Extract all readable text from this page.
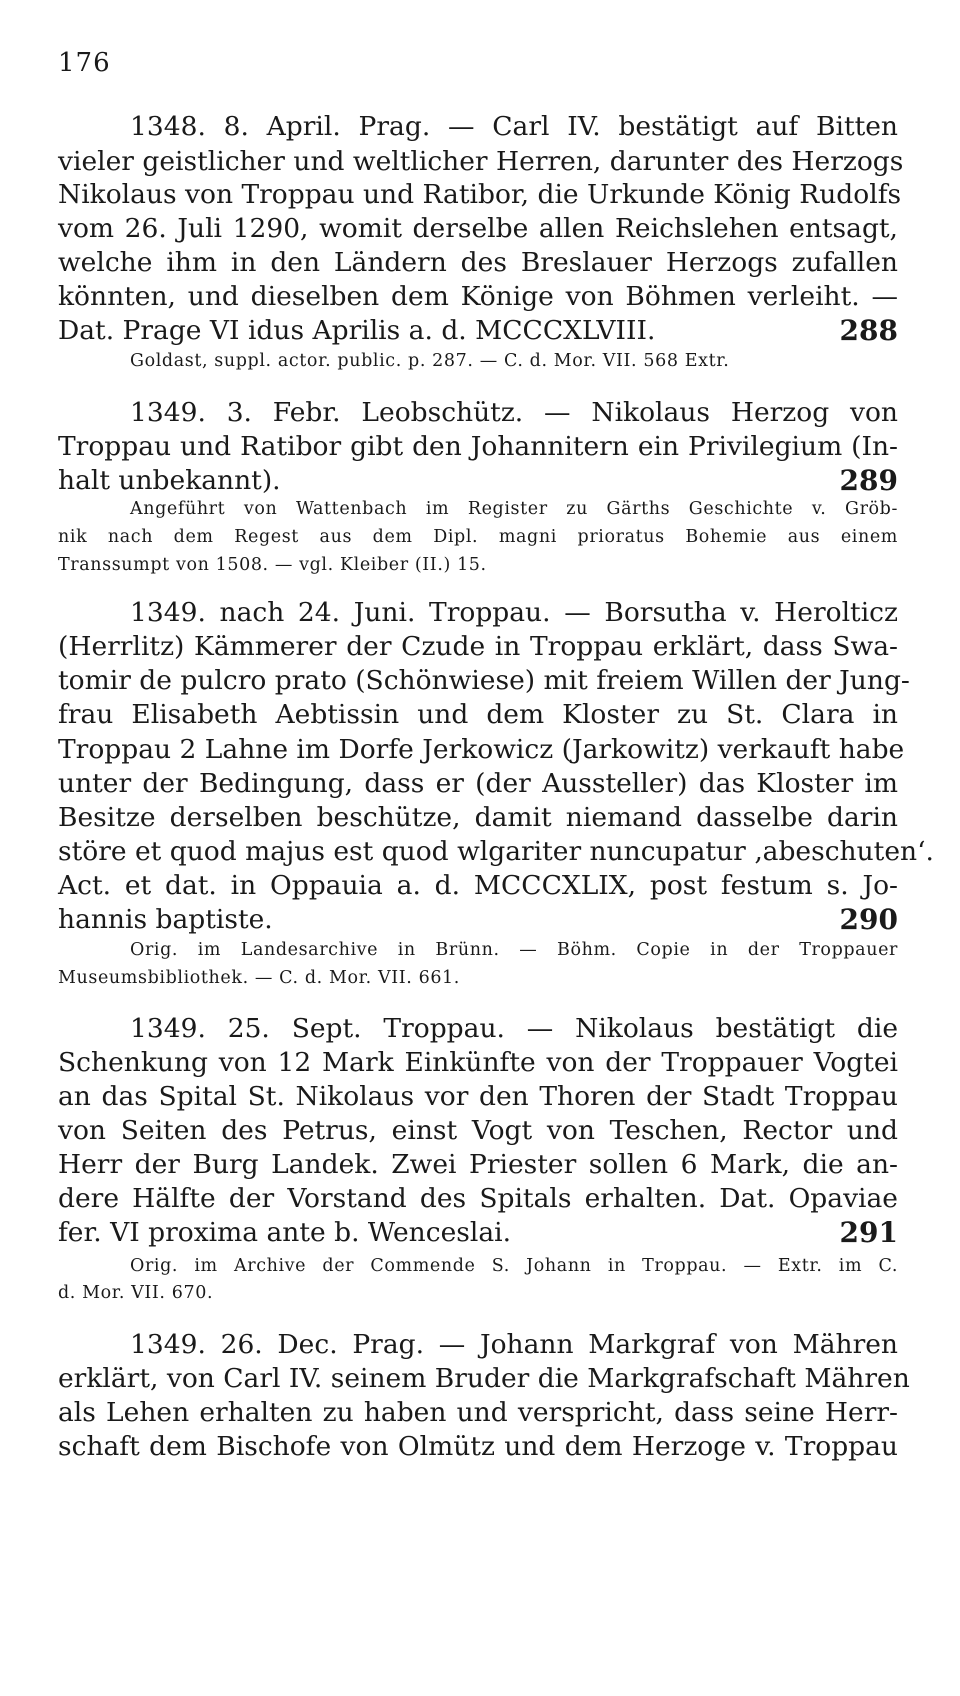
176
1348. 8. April. Prag. — Carl IV. bestätigt auf Bitten
vieler geistlicher und weltlicher Herren, darunter des Herzogs
Nikolaus von Troppau und Ratibor, die Urkunde König Rudolfs
vom 26. Juli 1290, womit derselbe allen Reichslehen entsagt,
welche ihm in den Ländern des Breslauer Herzogs zufallen
könnten, und dieselben dem Könige von Böhmen verleiht. —
Dat. Prage VI idus Aprilis a. d. MCCCXLVIII.	288
Goldast, suppl. actor. public. p. 287. — C. d. Mor. VII. 568 Extr.
1349. 3. Febr. Leobschütz. — Nikolaus Herzog von
Troppau und Ratibor gibt den Johannitern ein Privilegium (In-
halt unbekannt).	289
Angeführt von Wattenbach im Register zu Gärths Geschichte v. Gröb-
nik nach dem Regest aus dem Dipl. magni prioratus Bohemie aus einem
Transsumpt von 1508. — vgl. Kleiber (II.) 15.
1349. nach 24. Juni. Troppau. — Borsutha v. Herolticz
(Herrlitz) Kämmerer der Czude in Troppau erklärt, dass Swa-
tomir de pulcro prato (Schönwiese) mit freiem Willen der Jung-
frau Elisabeth Aebtissin und dem Kloster zu St. Clara in
Troppau 2 Lahne im Dorfe Jerkowicz (Jarkowitz) verkauft habe
unter der Bedingung, dass er (der Aussteller) das Kloster im
Besitze derselben beschütze, damit niemand dasselbe darin
störe et quod majus est quod wlgariter nuncupatur ‚abeschuten‘.
Act. et dat. in Oppauia a. d. MCCCXLIX, post festum s. Jo-
hannis baptiste.	290
Orig. im Landesarchive in Brünn. — Böhm. Copie in der Troppauer
Museumsbibliothek. — C. d. Mor. VII. 661.
1349. 25. Sept. Troppau. — Nikolaus bestätigt die
Schenkung von 12 Mark Einkünfte von der Troppauer Vogtei
an das Spital St. Nikolaus vor den Thoren der Stadt Troppau
von Seiten des Petrus, einst Vogt von Teschen, Rector und
Herr der Burg Landek. Zwei Priester sollen 6 Mark, die an-
dere Hälfte der Vorstand des Spitals erhalten. Dat. Opaviae
fer. VI proxima ante b. Wenceslai.	291
Orig. im Archive der Commende S. Johann in Troppau. — Extr. im C.
d. Mor. VII. 670.
1349. 26. Dec. Prag. — Johann Markgraf von Mähren
erklärt, von Carl IV. seinem Bruder die Markgrafschaft Mähren
als Lehen erhalten zu haben und verspricht, dass seine Herr-
schaft dem Bischofe von Olmütz und dem Herzoge v. Troppau
